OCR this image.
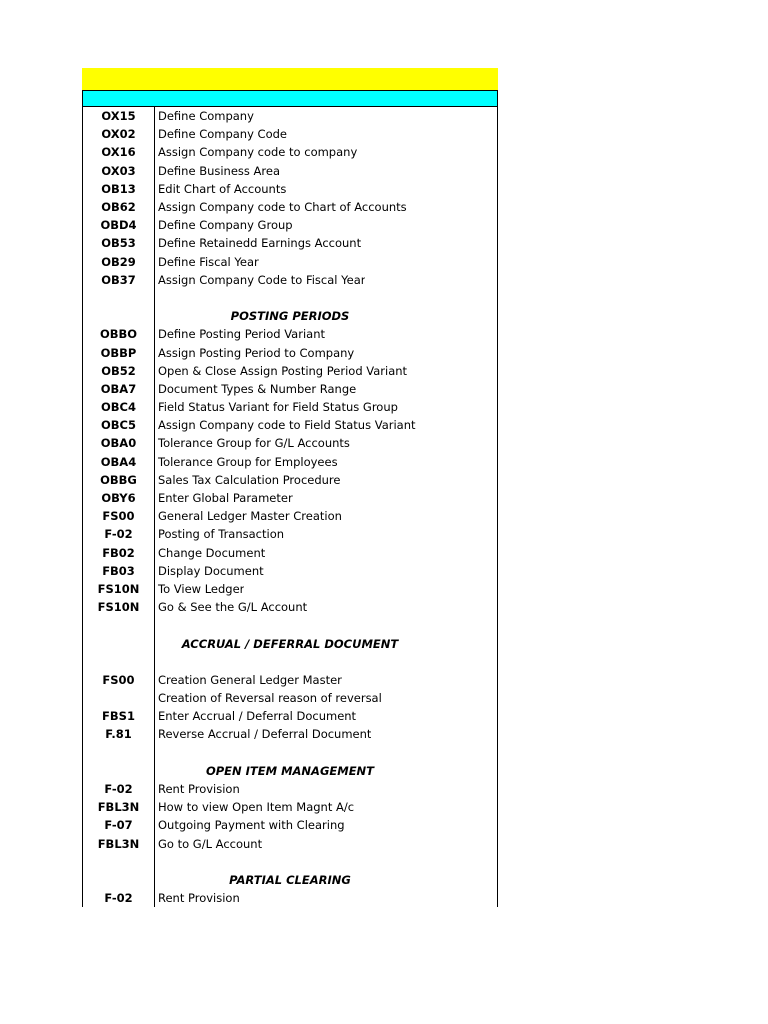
OX15	Define Company
OX02	Define Company Code
OX16	Assign Company code to company
OX03	Define Business Area
OB13	Edit Chart of Accounts
OB62	Assign Company code to Chart of Accounts
OBD4	Define Company Group
OB53	Define Retainedd Earnings Account
OB29	Define Fiscal Year
OB37	Assign Company Code to Fiscal Year
POSTING PERIODS
OBBO	Define Posting Period Variant
OBBP	Assign Posting Period to Company
OB52	Open & Close Assign Posting Period Variant
OBA7	Document Types & Number Range
OBC4	Field Status Variant for Field Status Group
OBC5	Assign Company code to Field Status Variant
OBA0	Tolerance Group for G/L Accounts
OBA4	Tolerance Group for Employees
OBBG	Sales Tax Calculation Procedure
OBY6	Enter Global Parameter
FS00	General Ledger Master Creation
F-02	Posting of Transaction
FB02	Change Document
FB03	Display Document
FS10N	To View Ledger
FS10N	Go & See the G/L Account
ACCRUAL / DEFERRAL DOCUMENT
FS00	Creation General Ledger Master
Creation of Reversal reason of reversal
FBS1	Enter Accrual / Deferral Document
F.81	Reverse Accrual / Deferral Document
OPEN ITEM MANAGEMENT
F-02	Rent Provision
FBL3N	How to view Open Item Magnt A/c
F-07	Outgoing Payment with Clearing
FBL3N	Go to G/L Account
PARTIAL CLEARING
F-02	Rent Provision
